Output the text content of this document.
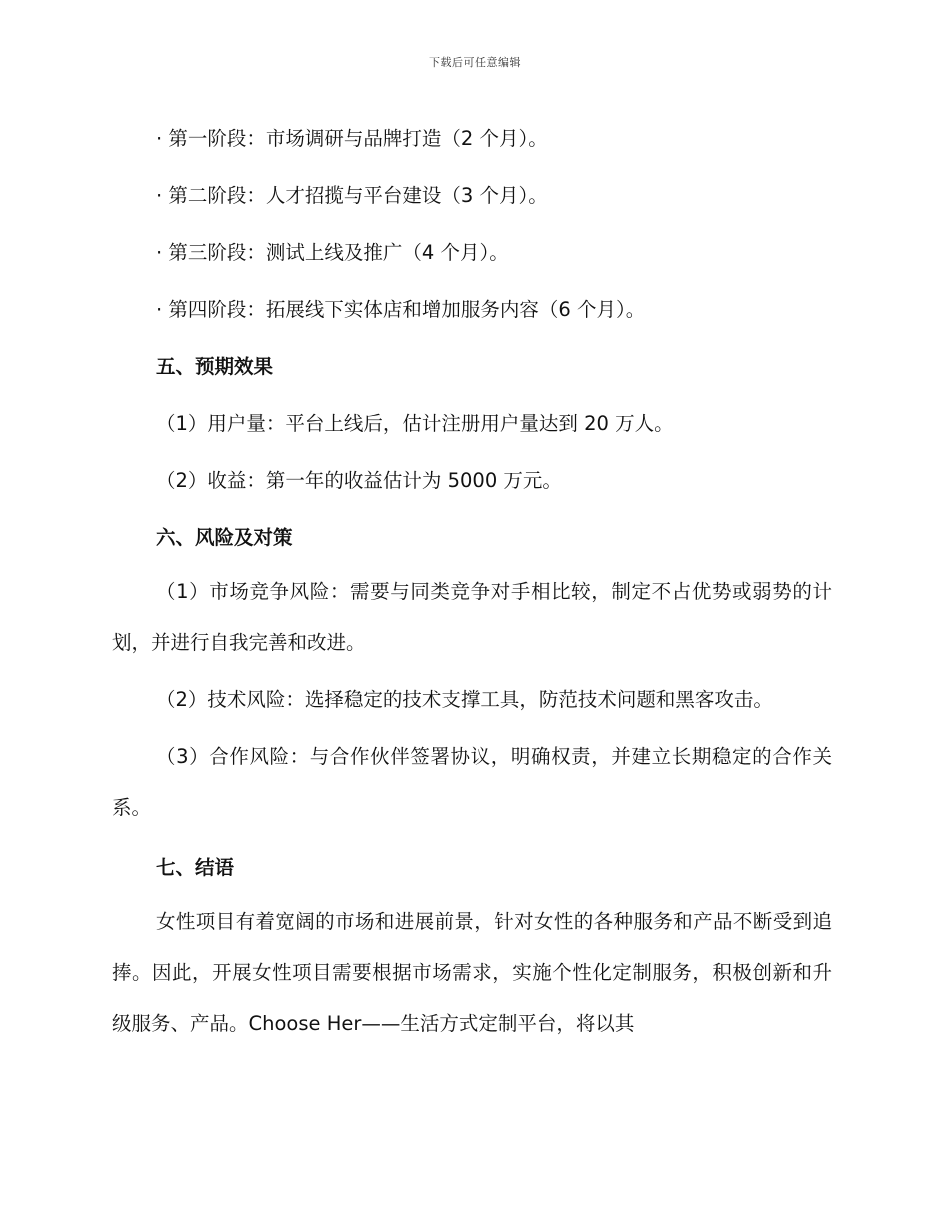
下载后可任意编辑
· 第一阶段：市场调研与品牌打造（2 个月）。
· 第二阶段：人才招揽与平台建设（3 个月）。
· 第三阶段：测试上线及推广（4 个月）。
· 第四阶段：拓展线下实体店和增加服务内容（6 个月）。
五、预期效果
（1）用户量：平台上线后，估计注册用户量达到 20 万人。
（2）收益：第一年的收益估计为 5000 万元。
六、风险及对策
（1）市场竞争风险：需要与同类竞争对手相比较，制定不占优势或弱势的计划，并进行自我完善和改进。
（2）技术风险：选择稳定的技术支撑工具，防范技术问题和黑客攻击。
（3）合作风险：与合作伙伴签署协议，明确权责，并建立长期稳定的合作关系。
七、结语
女性项目有着宽阔的市场和进展前景，针对女性的各种服务和产品不断受到追捧。因此，开展女性项目需要根据市场需求，实施个性化定制服务，积极创新和升级服务、产品。Choose Her——生活方式定制平台，将以其
